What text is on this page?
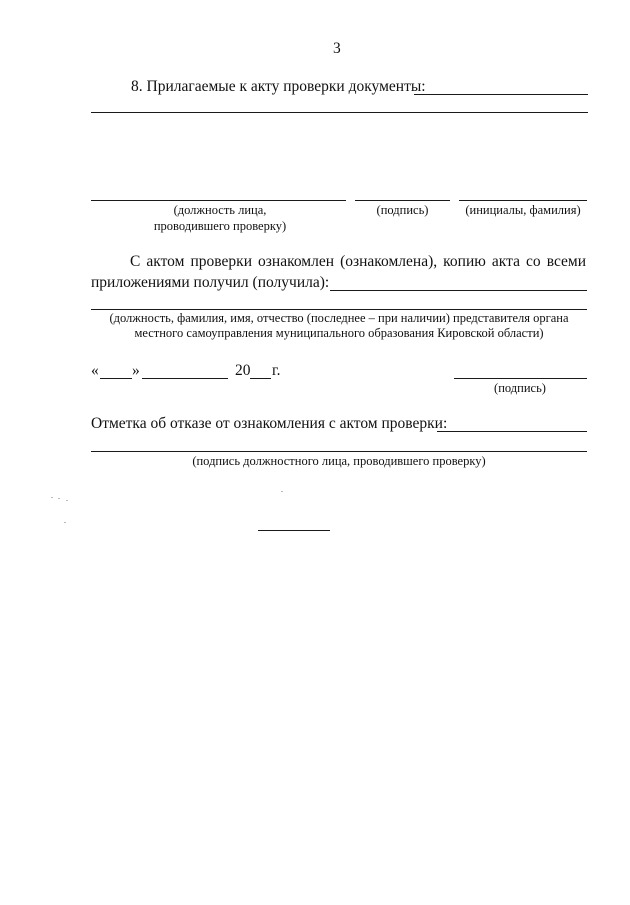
3
8. Прилагаемые к акту проверки документы:
(должность лица,
проводившего проверку)
(подпись)	(инициалы, фамилия)
С актом проверки ознакомлен (ознакомлена), копию акта со всеми
приложениями получил (получила):
(должность, фамилия, имя, отчество (последнее – при наличии) представителя органа
местного самоуправления муниципального образования Кировской области)
« »	20 г.
(подпись)
Отметка об отказе от ознакомления с актом проверки:
(подпись должностного лица, проводившего проверку)
